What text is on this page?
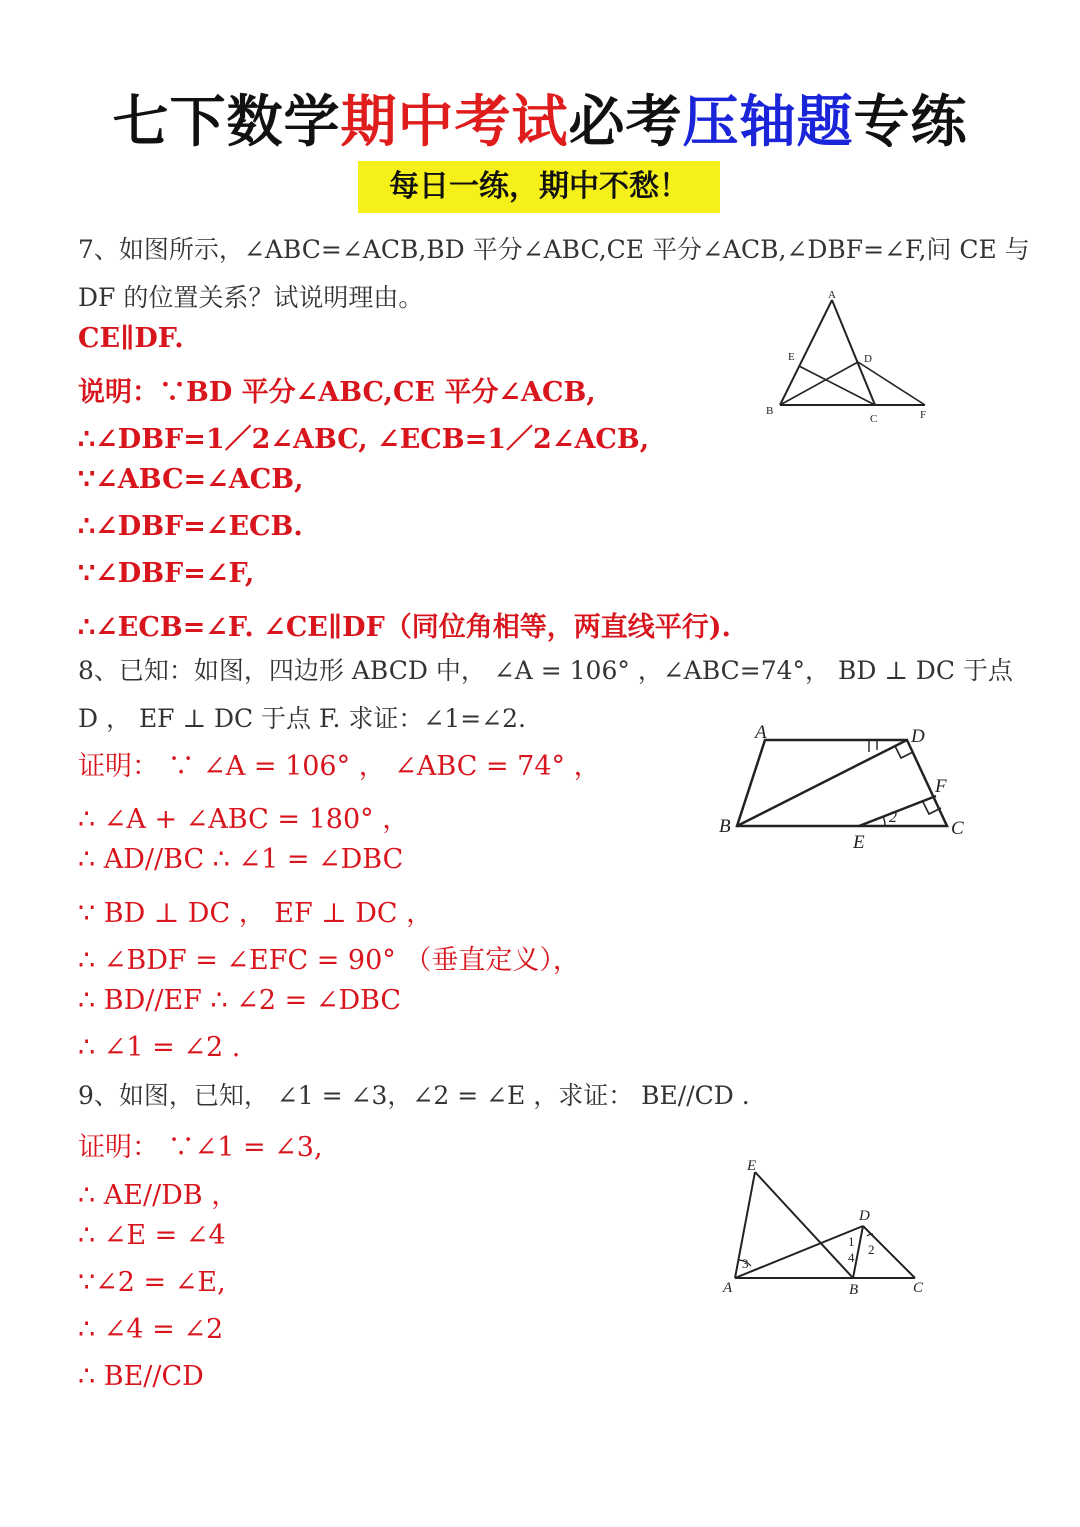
七下数学期中考试必考压轴题专练
每日一练，期中不愁！
7、如图所示，∠ABC=∠ACB,BD 平分∠ABC,CE 平分∠ACB,∠DBF=∠F,问 CE 与
DF 的位置关系？试说明理由。
CE∥DF.
说明：∵BD 平分∠ABC,CE 平分∠ACB,
∴∠DBF=1／2∠ABC, ∠ECB=1／2∠ACB,
∵∠ABC=∠ACB,
∴∠DBF=∠ECB.
∵∠DBF=∠F,
∴∠ECB=∠F. ∠CE∥DF（同位角相等，两直线平行).
A
E	D
B
C	F
8、已知：如图，四边形 ABCD 中， ∠A = 106° ，∠ABC=74°， BD ⊥ DC 于点
D ， EF ⊥ DC 于点 F. 求证：∠1=∠2.
证明： ∵ ∠A = 106° ， ∠ABC = 74° ，
∴ ∠A + ∠ABC = 180° ，
∴ AD//BC ∴ ∠1 = ∠DBC
∵ BD ⊥ DC ， EF ⊥ DC ，
∴ ∠BDF = ∠EFC = 90° （垂直定义），
∴ BD//EF ∴ ∠2 = ∠DBC
∴ ∠1 = ∠2 .
A	D
F
B	C
E
2
9、如图，已知， ∠1 = ∠3，∠2 = ∠E ，求证： BE//CD .
证明： ∵∠1 = ∠3,
∴ AE//DB ，
∴ ∠E = ∠4
∵∠2 = ∠E,
∴ ∠4 = ∠2
∴ BE//CD
E
D
A	B	C
3
1
4
2
